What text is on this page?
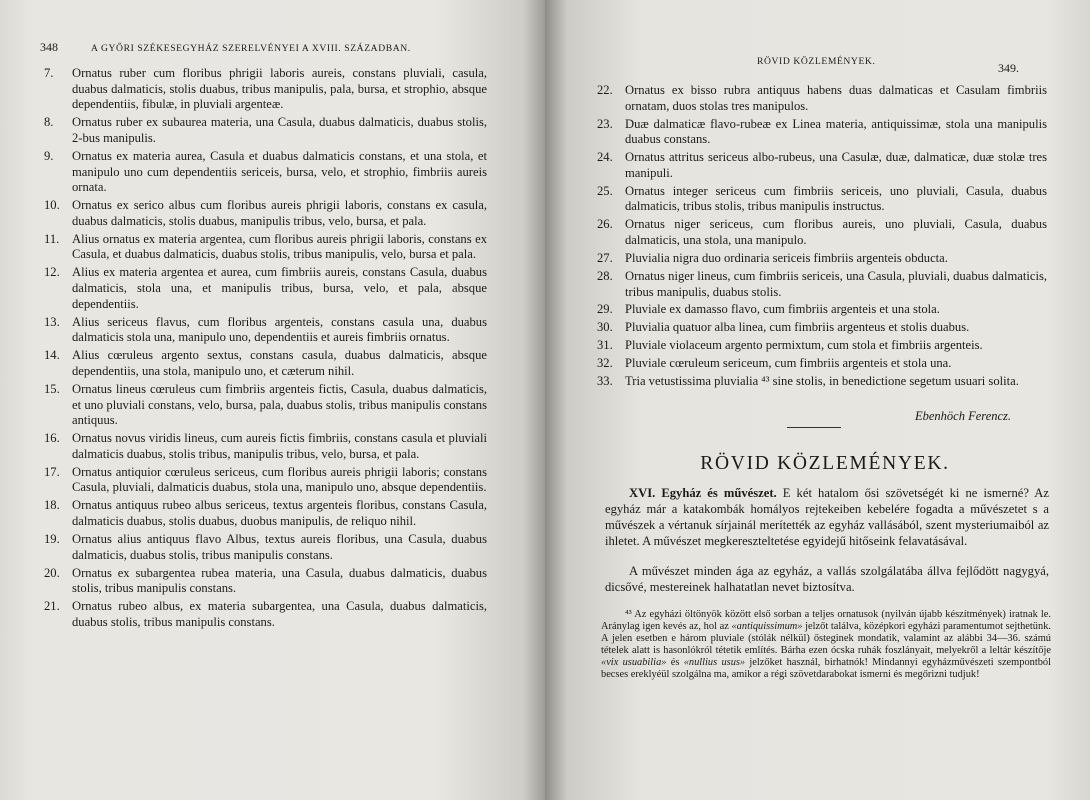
348	A GYŐRI SZÉKESEGYHÁZ SZERELVÉNYEI A XVIII. SZÁZADBAN.
7.	Ornatus ruber cum floribus phrigii laboris aureis, constans pluviali, casula, duabus dalmaticis, stolis duabus, tribus manipulis, pala, bursa, et strophio, absque dependentiis, fibulæ, in pluviali argenteæ.
8.	Ornatus ruber ex subaurea materia, una Casula, duabus dalmaticis, duabus stolis, 2-bus manipulis.
9.	Ornatus ex materia aurea, Casula et duabus dalmaticis constans, et una stola, et manipulo uno cum dependentiis sericeis, bursa, velo, et strophio, fimbriis aureis ornata.
10. Ornatus ex serico albus cum floribus aureis phrigii laboris, constans ex casula, duabus dalmaticis, stolis duabus, manipulis tribus, velo, bursa, et pala.
11.	Alius ornatus ex materia argentea, cum floribus aureis phrigii laboris, constans ex Casula, et duabus dalmaticis, duabus stolis, tribus manipulis, velo, bursa et pala.
12. Alius ex materia argentea et aurea, cum fimbriis aureis, constans Casula, duabus dalmaticis, stola una, et manipulis tribus, bursa, velo, et pala, absque dependentiis.
13. Alius sericeus flavus, cum floribus argenteis, constans casula una, duabus dalmaticis stola una, manipulo uno, dependentiis et aureis fimbriis ornatus.
14. Alius cœruleus argento sextus, constans casula, duabus dalmaticis, absque dependentiis, una stola, manipulo uno, et cæterum nihil.
15. Ornatus lineus cœruleus cum fimbriis argenteis fictis, Casula, duabus dalmaticis, et uno pluviali constans, velo, bursa, pala, duabus stolis, tribus manipulis constans antiquus.
16. Ornatus novus viridis lineus, cum aureis fictis fimbriis, constans casula et pluviali dalmaticis duabus, stolis tribus, manipulis tribus, velo, bursa, et pala.
17. Ornatus antiquior cœruleus sericeus, cum floribus aureis phrigii laboris; constans Casula, pluviali, dalmaticis duabus, stola una, manipulo uno, absque dependentiis.
18. Ornatus antiquus rubeo albus sericeus, textus argenteis floribus, constans Casula, dalmaticis duabus, stolis duabus, duobus manipulis, de reliquo nihil.
19. Ornatus alius antiquus flavo Albus, textus aureis floribus, una Casula, duabus dalmaticis, duabus stolis, tribus manipulis constans.
20. Ornatus ex subargentea rubea materia, una Casula, duabus dalmaticis, duabus stolis, tribus manipulis constans.
21. Ornatus rubeo albus, ex materia subargentea, una Casula, duabus dalmaticis, duabus stolis, tribus manipulis constans.
RÖVID KÖZLEMÉNYEK.	349.
22. Ornatus ex bisso rubra antiquus habens duas dalmaticas et Casulam fimbriis ornatam, duos stolas tres manipulos.
23. Duæ dalmaticæ flavo-rubeæ ex Linea materia, antiquissimæ, stola una manipulis duabus constans.
24. Ornatus attritus sericeus albo-rubeus, una Casulæ, duæ, dalmaticæ, duæ stolæ tres manipuli.
25. Ornatus integer sericeus cum fimbriis sericeis, uno pluviali, Casula, duabus dalmaticis, tribus stolis, tribus manipulis instructus.
26. Ornatus niger sericeus, cum floribus aureis, uno pluviali, Casula, duabus dalmaticis, una stola, una manipulo.
27. Pluvialia nigra duo ordinaria sericeis fimbriis argenteis obducta.
28. Ornatus niger lineus, cum fimbriis sericeis, una Casula, pluviali, duabus dalmaticis, tribus manipulis, duabus stolis.
29. Pluviale ex damasso flavo, cum fimbriis argenteis et una stola.
30. Pluvialia quatuor alba linea, cum fimbriis argenteus et stolis duabus.
31. Pluviale violaceum argento permixtum, cum stola et fimbriis argenteis.
32. Pluviale cœruleum sericeum, cum fimbriis argenteis et stola una.
33. Tria vetustissima pluvialia ⁴³ sine stolis, in benedictione segetum usuari solita.
Ebenhöch Ferencz.
RÖVID KÖZLEMÉNYEK.

XVI. Egyház és művészet. E két hatalom ősi szövetségét ki ne ismerné? Az egyház már a katakombák homályos rejtekeiben kebelére fogadta a művészetet s a művészek a vértanuk sírjainál merítették az egyház vallásából, szent mysteriumaiból az ihletet. A művészet megkereszteltetése egyidejű hitőseink felavatásával.

A művészet minden ága az egyház, a vallás szolgálatába állva fejlődött nagygyá, dicsővé, mestereinek halhatatlan nevet biztosítva.

⁴³ Az egyházi öltönyök között első sorban a teljes ornatusok (nyilván újabb készítmények) iratnak le. Aránylag igen kevés az, hol az «antiquissimum» jelzőt találva, középkori egyházi paramentumot sejthetünk. A jelen esetben e három pluviale (stólák nélkül) ősteginek mondatik, valamint az alábbi 34—36. számú tételek alatt is hasonlókról tétetik említés. Bárha ezen ócska ruhák foszlányait, melyekről a leltár készítője «vix usuabilia» és «nullius usus» jelzőket használ, birhatnók! Mindannyi egyházművészeti szempontból becses ereklyéül szolgálna ma, amikor a régi szövetdarabokat ismerni és megőrizni tudjuk!
